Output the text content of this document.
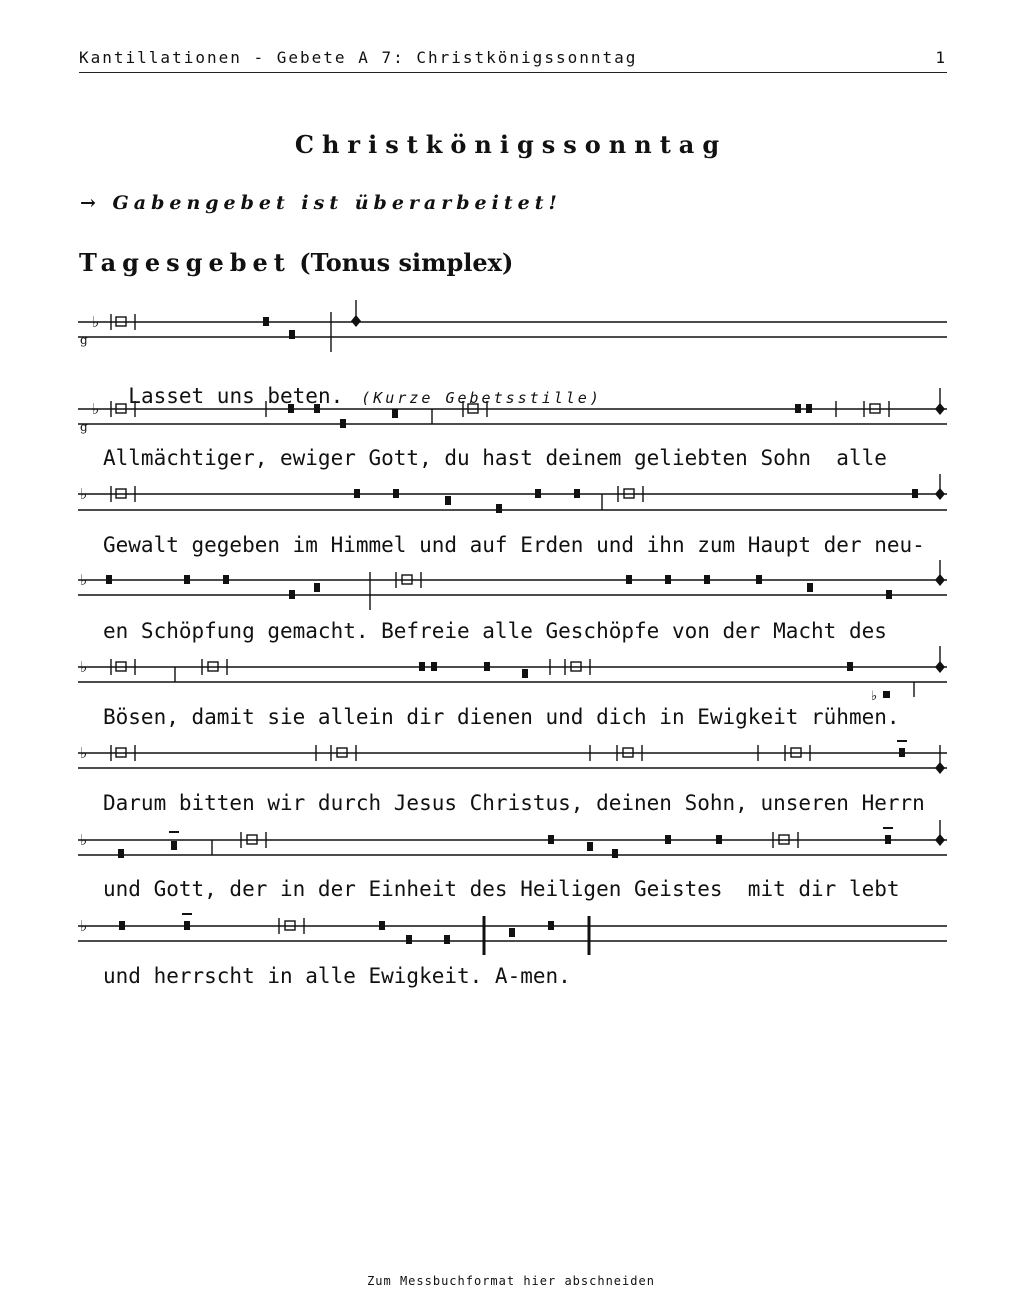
Kantillationen - Gebete A 7: Christkönigssonntag	1
Christkönigssonntag
→ Gabengebet ist überarbeitet!
Tagesgebet (Tonus simplex)
♭
g
♭
g
♭
♭
♭
♭
♭
♭
♭

Lasset uns beten. (Kurze Gebetsstille)

Allmächtiger, ewiger Gott, du hast deinem geliebten Sohn  alle
Gewalt gegeben im Himmel und auf Erden und ihn zum Haupt der neu-
en Schöpfung gemacht. Befreie alle Geschöpfe von der Macht des
Bösen, damit sie allein dir dienen und dich in Ewigkeit rühmen.
Darum bitten wir durch Jesus Christus, deinen Sohn, unseren Herrn
und Gott, der in der Einheit des Heiligen Geistes  mit dir lebt
und herrscht in alle Ewigkeit. A-men.
Zum Messbuchformat hier abschneiden
